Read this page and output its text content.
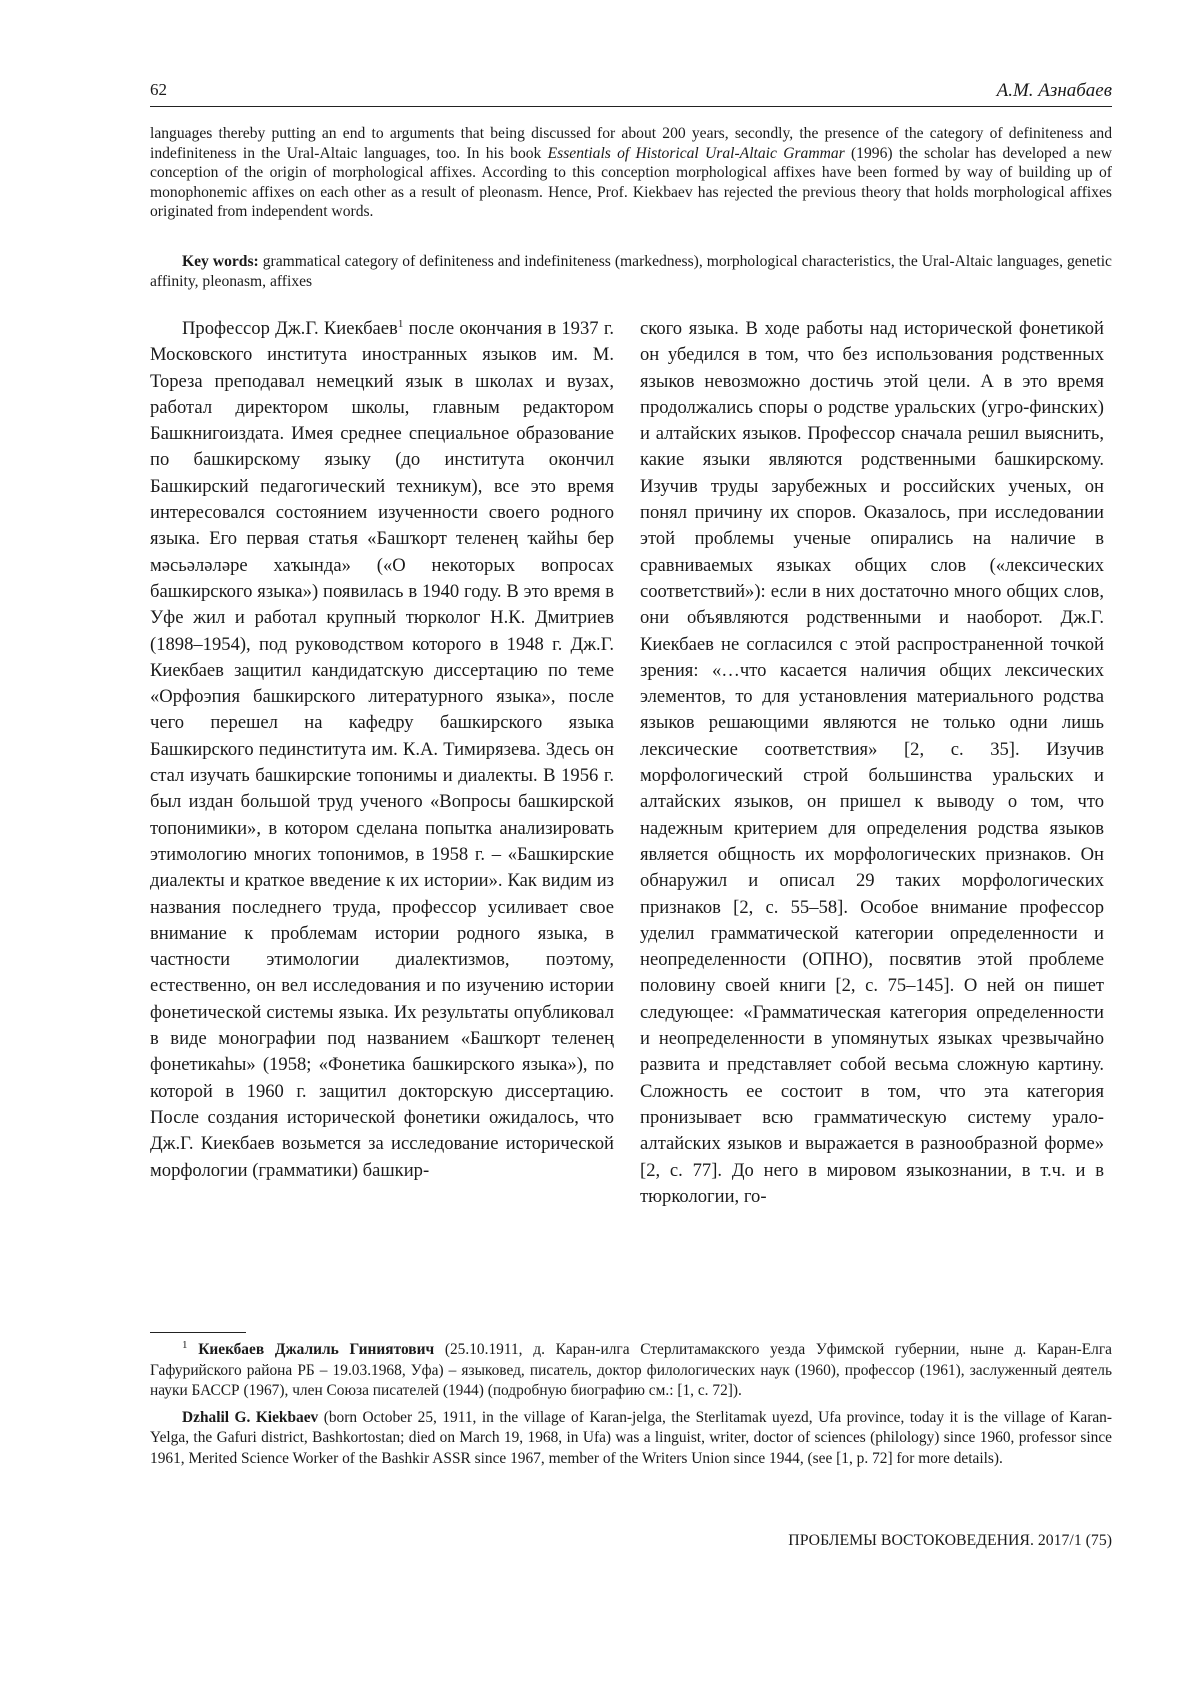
62	А.М. Азнабаев
languages thereby putting an end to arguments that being discussed for about 200 years, secondly, the presence of the category of definiteness and indefiniteness in the Ural-Altaic languages, too. In his book Essentials of Historical Ural-Altaic Grammar (1996) the scholar has developed a new conception of the origin of morphological affixes. According to this conception morphological affixes have been formed by way of building up of monophonemic affixes on each other as a result of pleonasm. Hence, Prof. Kiekbaev has rejected the previous theory that holds morphological affixes originated from independent words.

Key words: grammatical category of definiteness and indefiniteness (markedness), morphological characteristics, the Ural-Altaic languages, genetic affinity, pleonasm, affixes

Профессор Дж.Г. Киекбаев$^1$ после окончания в 1937 г. Московского института иностранных языков им. М. Тореза преподавал немецкий язык в школах и вузах, работал директором школы, главным редактором Башкнигоиздата. Имея среднее специальное образование по башкирскому языку (до института окончил Башкирский педагогический техникум), все это время интересовался состоянием изученности своего родного языка. Его первая статья «Башҡорт теленең ҡайһы бер мәсьәләләре хаҡында» («О некоторых вопросах башкирского языка») появилась в 1940 году. В это время в Уфе жил и работал крупный тюрколог Н.К. Дмитриев (1898–1954), под руководством которого в 1948 г. Дж.Г. Киекбаев защитил кандидатскую диссертацию по теме «Орфоэпия башкирского литературного языка», после чего перешел на кафедру башкирского языка Башкирского пединститута им. К.А. Тимирязева. Здесь он стал изучать башкирские топонимы и диалекты. В 1956 г. был издан большой труд ученого «Вопросы башкирской топонимики», в котором сделана попытка анализировать этимологию многих топонимов, в 1958 г. – «Башкирские диалекты и краткое введение к их истории». Как видим из названия последнего труда, профессор усиливает свое внимание к проблемам истории родного языка, в частности этимологии диалектизмов, поэтому, естественно, он вел исследования и по изучению истории фонетической системы языка. Их результаты опубликовал в виде монографии под названием «Башҡорт теленең фонетикаһы» (1958; «Фонетика башкирского языка»), по которой в 1960 г. защитил докторскую диссертацию. После создания исторической фонетики ожидалось, что Дж.Г. Киекбаев возьмется за исследование исторической морфологии (грамматики) башкир-

ского языка. В ходе работы над исторической фонетикой он убедился в том, что без использования родственных языков невозможно достичь этой цели. А в это время продолжались споры о родстве уральских (угро-финских) и алтайских языков. Профессор сначала решил выяснить, какие языки являются родственными башкирскому. Изучив труды зарубежных и российских ученых, он понял причину их споров. Оказалось, при исследовании этой проблемы ученые опирались на наличие в сравниваемых языках общих слов («лексических соответствий»): если в них достаточно много общих слов, они объявляются родственными и наоборот. Дж.Г. Киекбаев не согласился с этой распространенной точкой зрения: «…что касается наличия общих лексических элементов, то для установления материального родства языков решающими являются не только одни лишь лексические соответствия» [2, с. 35]. Изучив морфологический строй большинства уральских и алтайских языков, он пришел к выводу о том, что надежным критерием для определения родства языков является общность их морфологических признаков. Он обнаружил и описал 29 таких морфологических признаков [2, с. 55–58]. Особое внимание профессор уделил грамматической категории определенности и неопределенности (ОПНО), посвятив этой проблеме половину своей книги [2, с. 75–145]. О ней он пишет следующее: «Грамматическая категория определенности и неопределенности в упомянутых языках чрезвычайно развита и представляет собой весьма сложную картину. Сложность ее состоит в том, что эта категория пронизывает всю грамматическую систему урало-алтайских языков и выражается в разнообразной форме» [2, с. 77]. До него в мировом языкознании, в т.ч. и в тюркологии, го-

$^1$ Киекбаев Джалиль Гиниятович (25.10.1911, д. Каран-илга Стерлитамакского уезда Уфимской губернии, ныне д. Каран-Елга Гафурийского района РБ – 19.03.1968, Уфа) – языковед, писатель, доктор филологических наук (1960), профессор (1961), заслуженный деятель науки БАССР (1967), член Союза писателей (1944) (подробную биографию см.: [1, с. 72]).

Dzhalil G. Kiekbaev (born October 25, 1911, in the village of Karan-jelga, the Sterlitamak uyezd, Ufa province, today it is the village of Karan-Yelga, the Gafuri district, Bashkortostan; died on March 19, 1968, in Ufa) was a linguist, writer, doctor of sciences (philology) since 1960, professor since 1961, Merited Science Worker of the Bashkir ASSR since 1967, member of the Writers Union since 1944, (see [1, p. 72] for more details).

ПРОБЛЕМЫ ВОСТОКОВЕДЕНИЯ. 2017/1 (75)
